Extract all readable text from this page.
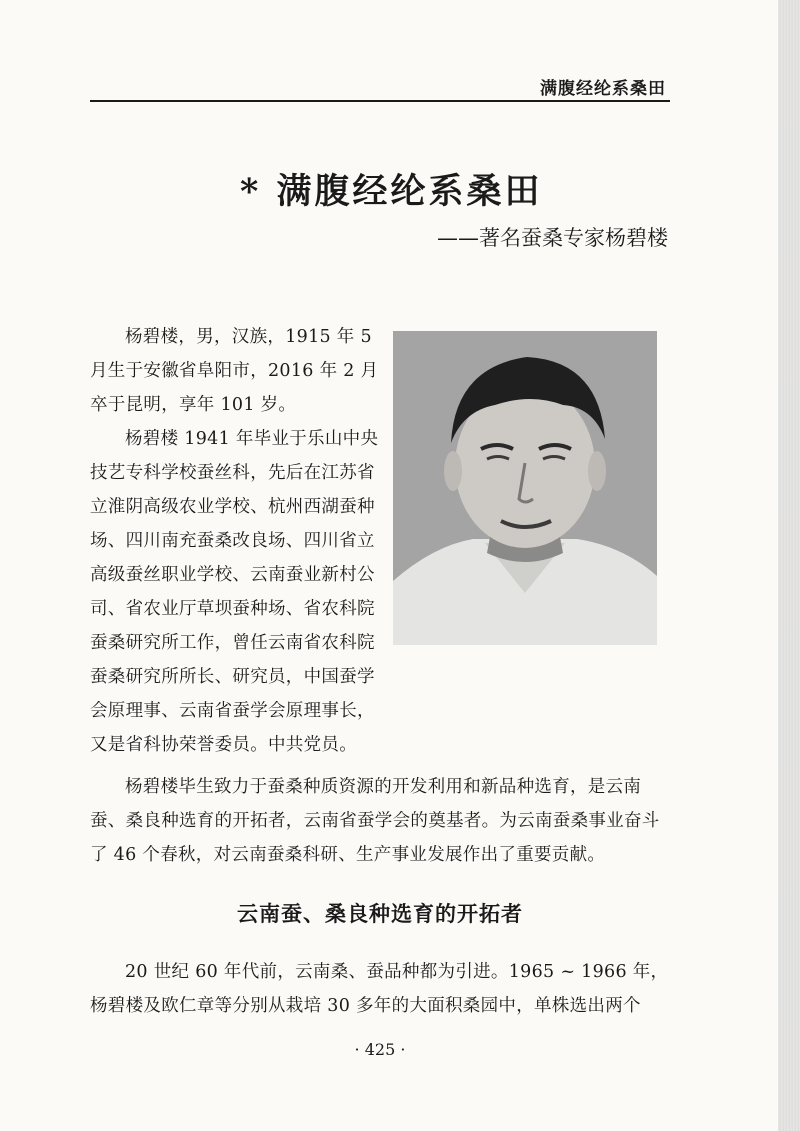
满腹经纶系桑田
* 满腹经纶系桑田
——著名蚕桑专家杨碧楼

杨碧楼，男，汉族，1915 年 5 月生于安徽省阜阳市，2016 年 2 月卒于昆明，享年 101 岁。

杨碧楼 1941 年毕业于乐山中央技艺专科学校蚕丝科，先后在江苏省立淮阴高级农业学校、杭州西湖蚕种场、四川南充蚕桑改良场、四川省立高级蚕丝职业学校、云南蚕业新村公司、省农业厅草坝蚕种场、省农科院蚕桑研究所工作，曾任云南省农科院蚕桑研究所所长、研究员，中国蚕学会原理事、云南省蚕学会原理事长，又是省科协荣誉委员。中共党员。

杨碧楼毕生致力于蚕桑种质资源的开发利用和新品种选育，是云南蚕、桑良种选育的开拓者，云南省蚕学会的奠基者。为云南蚕桑事业奋斗了 46 个春秋，对云南蚕桑科研、生产事业发展作出了重要贡献。

云南蚕、桑良种选育的开拓者

20 世纪 60 年代前，云南桑、蚕品种都为引进。1965 ~ 1966 年，杨碧楼及欧仁章等分别从栽培 30 多年的大面积桑园中，单株选出两个

· 425 ·
